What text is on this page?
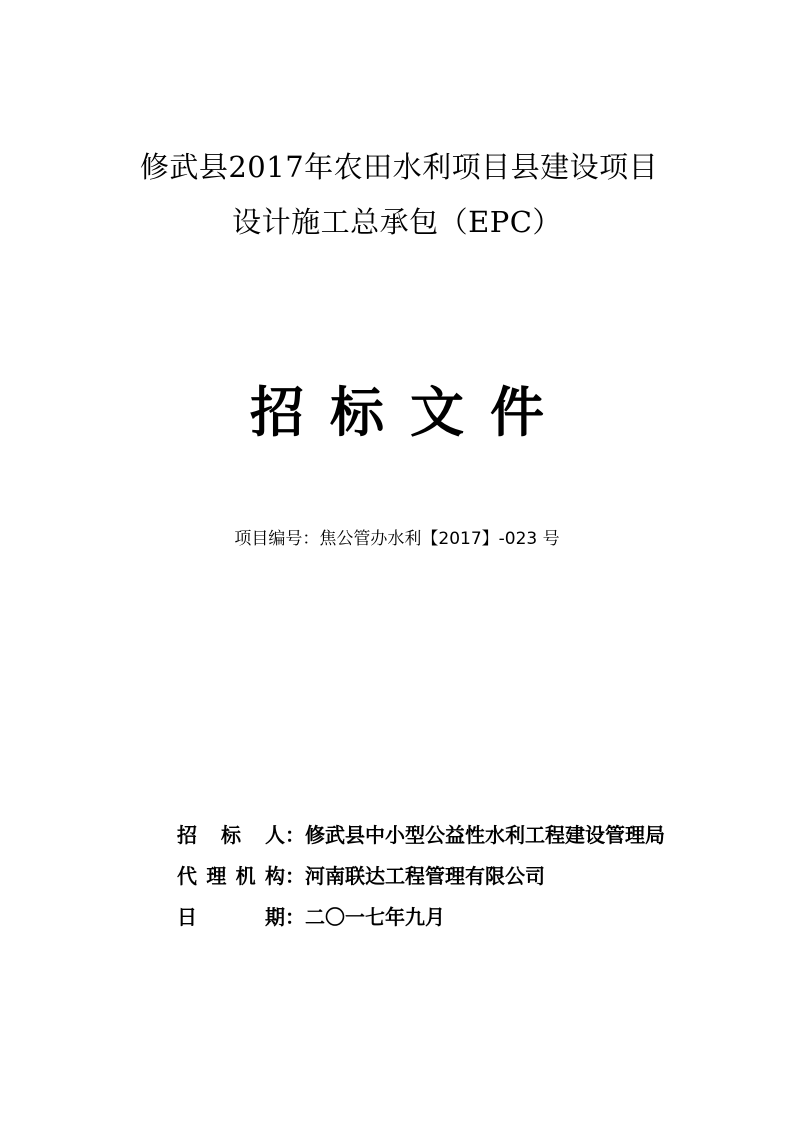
修武县2017年农田水利项目县建设项目
设计施工总承包（EPC）
招标文件
项目编号：焦公管办水利【2017】-023 号
招 标 人：修武县中小型公益性水利工程建设管理局
代理机构：河南联达工程管理有限公司
日　　期：二〇一七年九月
